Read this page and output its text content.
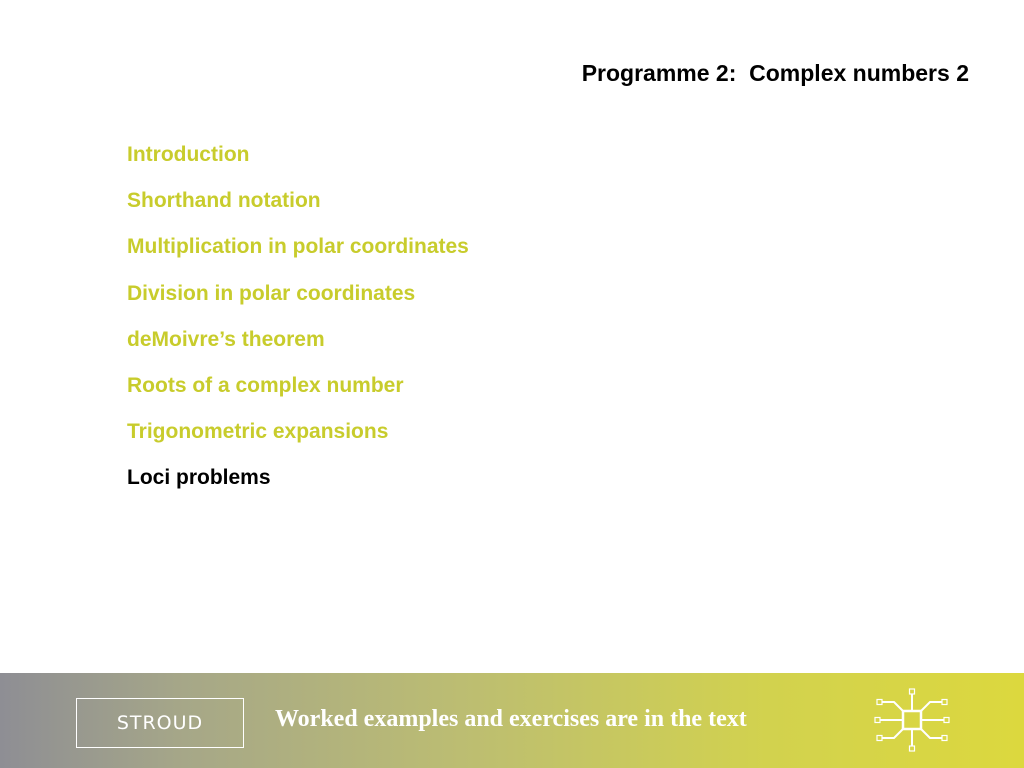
Programme 2:  Complex numbers 2
Introduction
Shorthand notation
Multiplication in polar coordinates
Division in polar coordinates
deMoivre’s theorem
Roots of a complex number
Trigonometric expansions
Loci problems
STROUD	Worked examples and exercises are in the text
